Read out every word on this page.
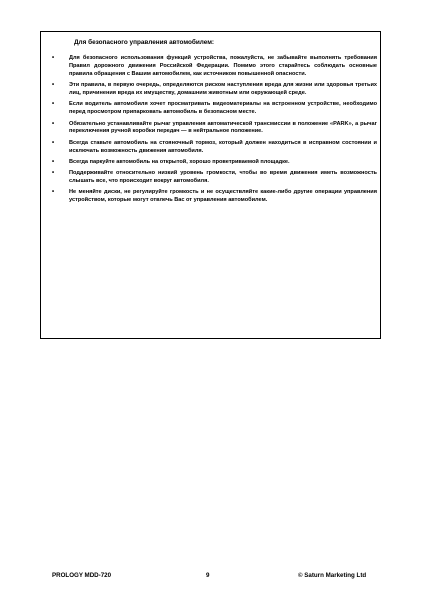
Для безопасного управления автомобилем:
•	Для безопасного использования функций устройства, пожалуйста, не забывайте выполнять требования Правил дорожного движения Российской Федерации. Помимо этого старайтесь соблюдать основные правила обращения с Вашим автомобилем, как источником повышенной опасности.
•	Эти правила, в первую очередь, определяются риском наступления вреда для жизни или здоровья третьих лиц, причинения вреда их имуществу, домашним животным или окружающей среде.
•	Если водитель автомобиля хочет просматривать видеоматериалы на встроенном устройстве, необходимо перед просмотром припарковать автомобиль в безопасном месте.
•	Обязательно устанавливайте рычаг управления автоматической трансмиссии в положение «PARK», а рычаг переключения ручной коробки передач — в нейтральное положение.
•	Всегда ставьте автомобиль на стояночный тормоз, который должен находиться в исправном состоянии и исключать возможность движения автомобиля.
•	Всегда паркуйте автомобиль на открытой, хорошо проветриваемой площадке.
•	Поддерживайте относительно низкий уровень громкости, чтобы во время движения иметь возможность слышать все, что происходит вокруг автомобиля.
•	Не меняйте диски, не регулируйте громкость и не осуществляйте какие-либо другие операции управления устройством, которые могут отвлечь Вас от управления автомобилем.
PROLOGY MDD-720	9	© Saturn Marketing Ltd
